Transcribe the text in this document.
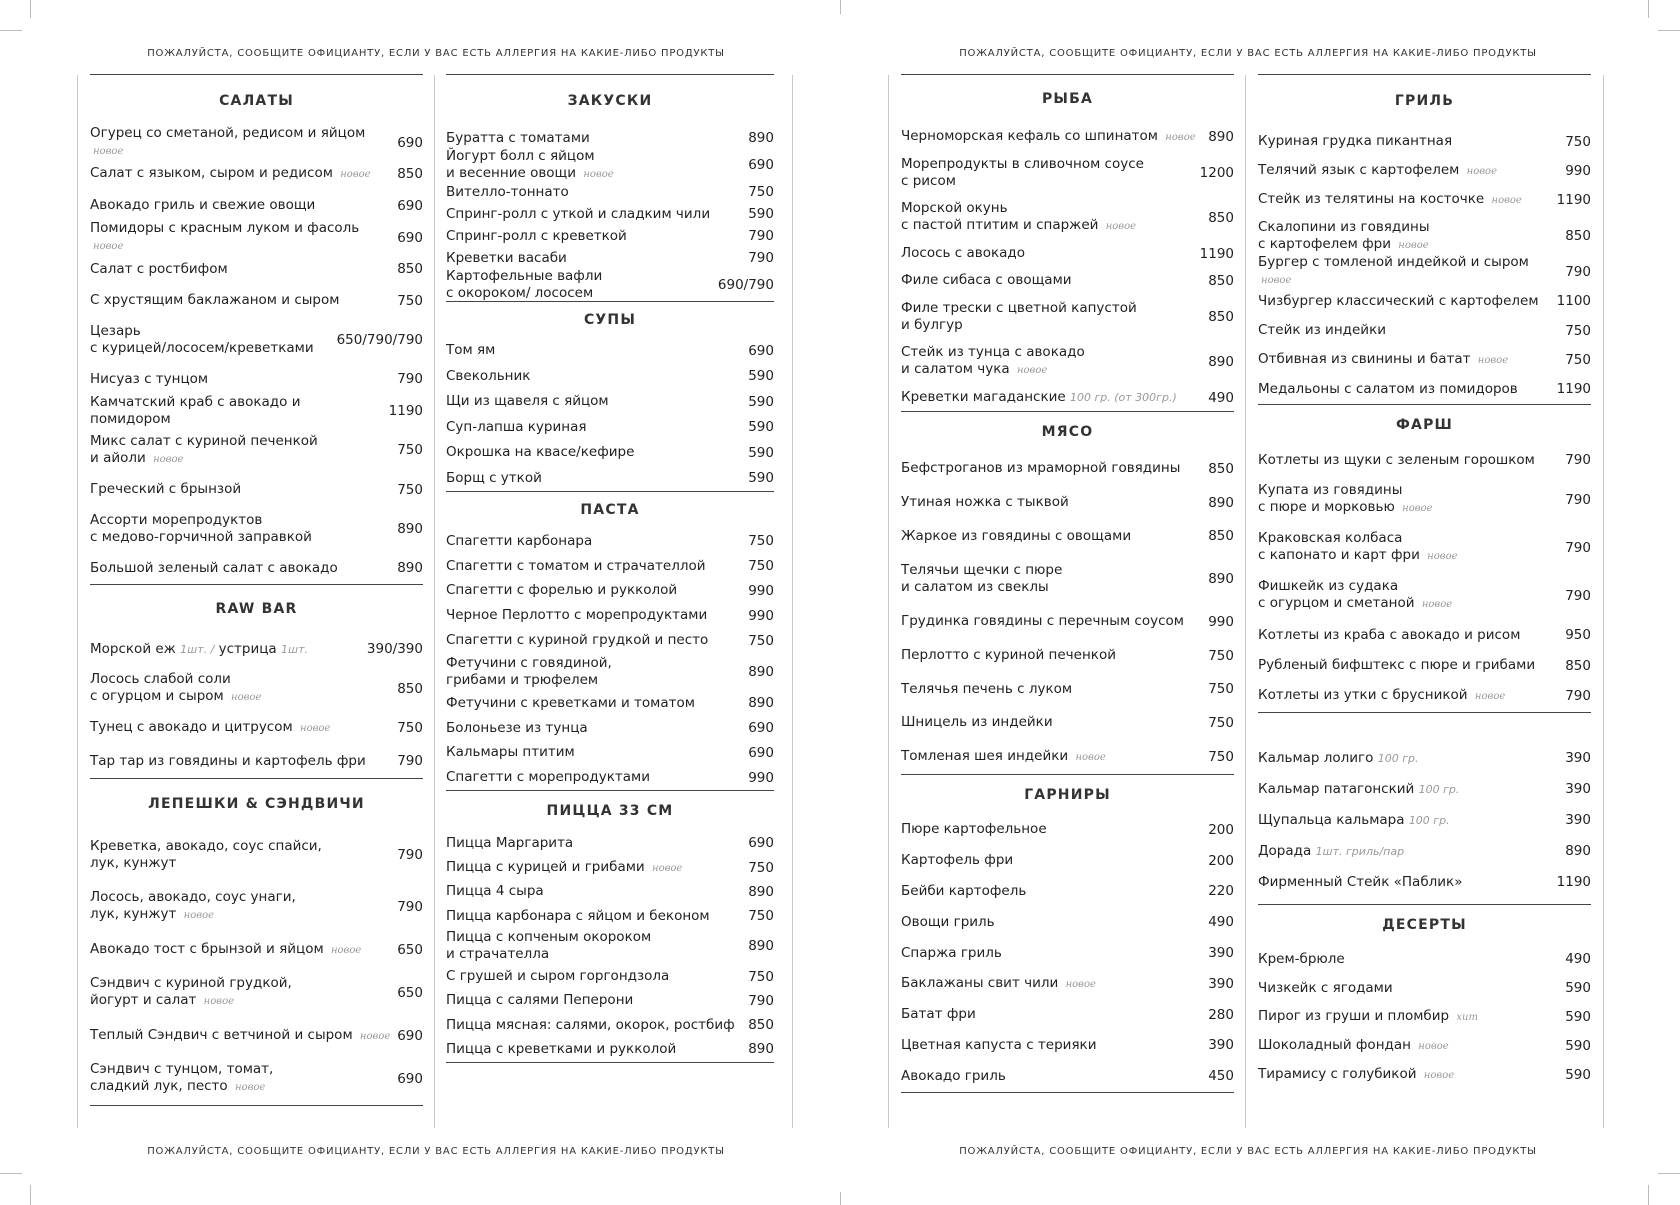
ПОЖАЛУЙСТА, СООБЩИТЕ ОФИЦИАНТУ, ЕСЛИ У ВАС ЕСТЬ АЛЛЕРГИЯ НА КАКИЕ-ЛИБО ПРОДУКТЫ	ПОЖАЛУЙСТА, СООБЩИТЕ ОФИЦИАНТУ, ЕСЛИ У ВАС ЕСТЬ АЛЛЕРГИЯ НА КАКИЕ-ЛИБО ПРОДУКТЫ
ПОЖАЛУЙСТА, СООБЩИТЕ ОФИЦИАНТУ, ЕСЛИ У ВАС ЕСТЬ АЛЛЕРГИЯ НА КАКИЕ-ЛИБО ПРОДУКТЫ	ПОЖАЛУЙСТА, СООБЩИТЕ ОФИЦИАНТУ, ЕСЛИ У ВАС ЕСТЬ АЛЛЕРГИЯ НА КАКИЕ-ЛИБО ПРОДУКТЫ
САЛАТЫ
Огурец со сметаной, редисом и яйцом новое
690
Салат с языком, сыром и редисом новое	850
Авокадо гриль и свежие овощи	690
Помидоры с красным луком и фасоль новое
690
Салат с ростбифом	850
С хрустящим баклажаном и сыром	750
Цезарь
с курицей/лососем/креветками	650/790/790
Нисуаз с тунцом	790
Камчатский краб с авокадо и помидором	1190
Микс салат с куриной печенкой
и айоли новое
750
Греческий с брынзой	750
Ассорти морепродуктов
с медово-горчичной заправкой	890
Большой зеленый салат с авокадо	890
RAW BAR
Морской еж 1шт. / устрица 1шт.	390/390
Лосось слабой соли
с огурцом и сыром новое
850
Тунец с авокадо и цитрусом новое	750
Тар тар из говядины и картофель фри	790
ЛЕПЕШКИ & СЭНДВИЧИ
Креветка, авокадо, соус спайси,
лук, кунжут	790
Лосось, авокадо, соус унаги,
лук, кунжут новое
790
Авокадо тост с брынзой и яйцом новое	650
Сэндвич с куриной грудкой,
йогурт и салат новое
650
Теплый Сэндвич с ветчиной и сыром новое 690
Сэндвич с тунцом, томат,
сладкий лук, песто новое
690
ЗАКУСКИ
Буратта с томатами	890
Йогурт болл с яйцом
и весенние овощи новое
690
Вителло-тоннато	750
Спринг-ролл с уткой и сладким чили	590
Спринг-ролл с креветкой	790
Креветки васаби	790
Картофельные вафли
с окороком/ лососем	690/790
СУПЫ
Том ям	690
Свекольник	590
Щи из щавеля с яйцом	590
Суп-лапша куриная	590
Окрошка на квасе/кефире	590
Борщ с уткой	590
ПАСТА
Спагетти карбонара	750
Спагетти с томатом и страчателлой	750
Спагетти с форелью и рукколой	990
Черное Перлотто с морепродуктами	990
Спагетти с куриной грудкой и песто	750
Фетучини с говядиной,
грибами и трюфелем	890
Фетучини с креветками и томатом	890
Болоньезе из тунца	690
Кальмары птитим	690
Спагетти с морепродуктами	990
ПИЦЦА 33 СМ
Пицца Маргарита	690
Пицца с курицей и грибами новое	750
Пицца 4 сыра	890
Пицца карбонара с яйцом и беконом	750
Пицца с копченым окороком
и страчателла	890
С грушей и сыром горгондзола	750
Пицца с салями Пеперони	790
Пицца мясная: салями, окорок, ростбиф	850
Пицца с креветками и рукколой	890
РЫБА
Черноморская кефаль со шпинатом новое 890
Морепродукты в сливочном соусе
с рисом	1200
Морской окунь
с пастой птитим и спаржей новое
850
Лосось с авокадо	1190
Филе сибаса с овощами	850
Филе трески с цветной капустой
и булгур	850
Стейк из тунца с авокадо
и салатом чука новое
890
Креветки магаданские 100 гр. (от 300гр.)	490
МЯСО
Бефстроганов из мраморной говядины	850
Утиная ножка с тыквой	890
Жаркое из говядины с овощами	850
Телячьи щечки с пюре
и салатом из свеклы	890
Грудинка говядины с перечным соусом	990
Перлотто с куриной печенкой	750
Телячья печень с луком	750
Шницель из индейки	750
Томленая шея индейки новое	750
ГАРНИРЫ
Пюре картофельное	200
Картофель фри	200
Бейби картофель	220
Овощи гриль	490
Спаржа гриль	390
Баклажаны свит чили новое	390
Батат фри	280
Цветная капуста с терияки	390
Авокадо гриль	450
ГРИЛЬ
Куриная грудка пикантная	750
Телячий язык с картофелем новое	990
Стейк из телятины на косточке новое	1190
Скалопини из говядины
с картофелем фри новое
850
Бургер с томленой индейкой и сыром новое
790
Чизбургер классический с картофелем	1100
Стейк из индейки	750
Отбивная из свинины и батат новое	750
Медальоны с салатом из помидоров	1190
ФАРШ
Котлеты из щуки с зеленым горошком	790
Купата из говядины
с пюре и морковью новое
790
Краковская колбаса
с капонато и карт фри новое
790
Фишкейк из судака
с огурцом и сметаной новое
790
Котлеты из краба с авокадо и рисом	950
Рубленый бифштекс с пюре и грибами	850
Котлеты из утки с брусникой новое	790
Кальмар лолиго 100 гр.	390
Кальмар патагонский 100 гр.	390
Щупальца кальмара 100 гр.	390
Дорада 1шт. гриль/пар	890
Фирменный Стейк «Паблик»	1190
ДЕСЕРТЫ
Крем-брюле	490
Чизкейк с ягодами	590
Пирог из груши и пломбир хит	590
Шоколадный фондан новое	590
Тирамису с голубикой новое	590
